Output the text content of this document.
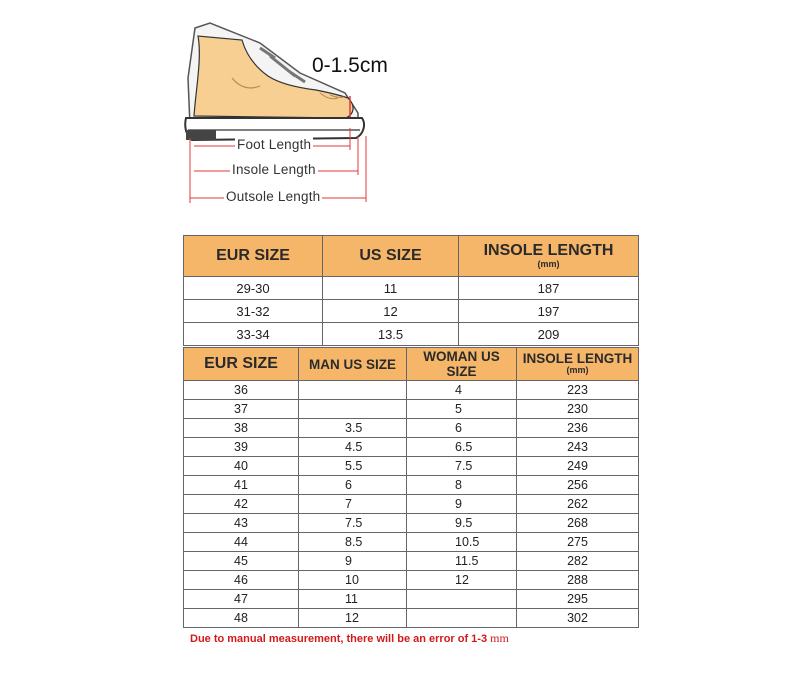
Foot Length
Insole Length
Outsole Length
0-1.5cm
EUR SIZE	US SIZE	INSOLE LENGTH
(mm)

29-30	11	187
31-32	12	197
33-34	13.5	209
EUR SIZE	MAN US SIZE	WOMAN US SIZE	INSOLE LENGTH
(mm)

36		4	223
37		5	230
38	3.5	6	236
39	4.5	6.5	243
40	5.5	7.5	249
41	6	8	256
42	7	9	262
43	7.5	9.5	268
44	8.5	10.5	275
45	9	11.5	282
46	10	12	288
47	11		295
48	12		302
Due to manual measurement, there will be an error of 1-3 mm
